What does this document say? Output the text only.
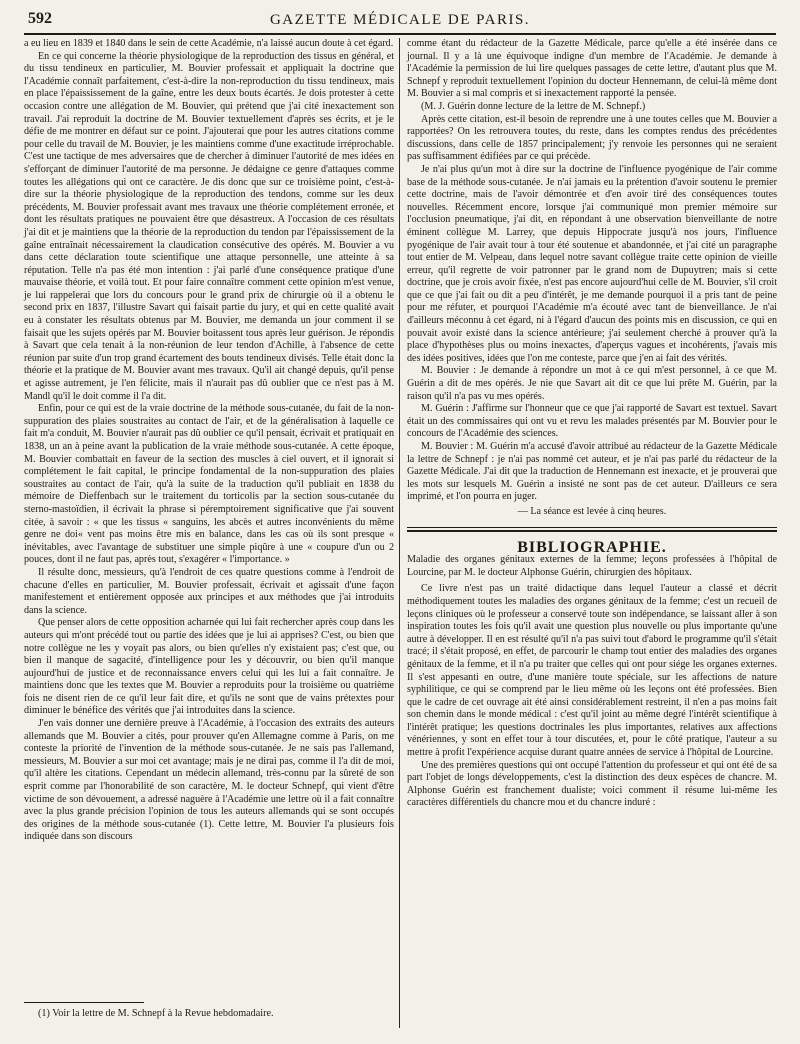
592	GAZETTE MÉDICALE DE PARIS.

a eu lieu en 1839 et 1840 dans le sein de cette Académie, n'a laissé aucun doute à cet égard.

En ce qui concerne la théorie physiologique de la reproduction des tissus en général, et du tissu tendineux en particulier, M. Bouvier professait et appliquait la doctrine que l'Académie connaît parfaitement, c'est-à-dire la non-reproduction du tissu tendineux, mais en place l'épaississement de la gaîne, entre les deux bouts écartés. Je dois protester à cette occasion contre une allégation de M. Bouvier, qui prétend que j'ai cité inexactement son travail. J'ai reproduit la doctrine de M. Bouvier textuellement d'après ses écrits, et je le défie de me montrer en défaut sur ce point. J'ajouterai que pour les autres citations comme pour celle du travail de M. Bouvier, je les maintiens comme d'une exactitude irréprochable. C'est une tactique de mes adversaires que de chercher à diminuer l'autorité de mes idées en s'efforçant de diminuer l'autorité de ma personne. Je dédaigne ce genre d'attaques comme toutes les allégations qui ont ce caractère. Je dis donc que sur ce troisième point, c'est-à-dire sur la théorie physiologique de la reproduction des tendons, comme sur les deux précédents, M. Bouvier professait avant mes travaux une théorie complétement erronée, et dont les résultats pratiques ne pouvaient être que désastreux. A l'occasion de ces résultats j'ai dit et je maintiens que la théorie de la reproduction du tendon par l'épaississement de la gaîne entraînait nécessairement la claudication consécutive des opérés. M. Bouvier a vu dans cette déclaration toute scientifique une attaque personnelle, une atteinte à sa réputation. Telle n'a pas été mon intention : j'ai parlé d'une conséquence pratique d'une mauvaise théorie, et voilà tout. Et pour faire connaître comment cette opinion m'est venue, je lui rappelerai que lors du concours pour le grand prix de chirurgie où il a obtenu le second prix en 1837, l'illustre Savart qui faisait partie du jury, et qui en cette qualité avait eu à constater les résultats obtenus par M. Bouvier, me demanda un jour comment il se faisait que les sujets opérés par M. Bouvier boitassent tous après leur guérison. Je répondis à Savart que cela tenait à la non-réunion de leur tendon d'Achille, à l'absence de cette réunion par suite d'un trop grand écartement des bouts tendineux divisés. Telle était donc la théorie et la pratique de M. Bouvier avant mes travaux. Qu'il ait changé depuis, qu'il pense et agisse autrement, je l'en félicite, mais il n'aurait pas dû oublier que ce n'est pas à M. Mandl qu'il le doit comme il l'a dit.

Enfin, pour ce qui est de la vraie doctrine de la méthode sous-cutanée, du fait de la non-suppuration des plaies soustraites au contact de l'air, et de la généralisation à laquelle ce fait m'a conduit, M. Bouvier n'aurait pas dû oublier ce qu'il pensait, écrivait et pratiquait en 1838, un an à peine avant la publication de la vraie méthode sous-cutanée. A cette époque, M. Bouvier combattait en faveur de la section des muscles à ciel ouvert, et il ignorait si complétement le fait capital, le principe fondamental de la non-suppuration des plaies soustraites au contact de l'air, qu'à la suite de la traduction qu'il publiait en 1838 du mémoire de Dieffenbach sur le traitement du torticolis par la section sous-cutanée du sterno-mastoïdien, il écrivait la phrase si péremptoirement significative que j'ai souvent citée, à savoir : « que les tissus « sanguins, les abcès et autres inconvénients du même genre ne doi« vent pas moins être mis en balance, dans les cas où ils sont presque « inévitables, avec l'avantage de substituer une simple piqûre à une « coupure d'un ou 2 pouces, dont il ne faut pas, après tout, s'exagérer « l'importance. »

Il résulte donc, messieurs, qu'à l'endroit de ces quatre questions comme à l'endroit de chacune d'elles en particulier, M. Bouvier professait, écrivait et agissait d'une façon manifestement et entièrement opposée aux principes et aux méthodes que j'ai introduits dans la science.

Que penser alors de cette opposition acharnée qui lui fait rechercher après coup dans les auteurs qui m'ont précédé tout ou partie des idées que je lui ai apprises? C'est, ou bien que notre collègue ne les y voyait pas alors, ou bien qu'elles n'y existaient pas; c'est que, ou bien il manque de sagacité, d'intelligence pour les y découvrir, ou bien qu'il manque aujourd'hui de justice et de reconnaissance envers celui qui les lui a fait connaître. Je maintiens donc que les textes que M. Bouvier a reproduits pour la troisième ou quatrième fois ne disent rien de ce qu'il leur fait dire, et qu'ils ne sont que de vains prétextes pour diminuer le bénéfice des vérités que j'ai introduites dans la science.

J'en vais donner une dernière preuve à l'Académie, à l'occasion des extraits des auteurs allemands que M. Bouvier a cités, pour prouver qu'en Allemagne comme à Paris, on me conteste la priorité de l'invention de la méthode sous-cutanée. Je ne sais pas l'allemand, messieurs, M. Bouvier a sur moi cet avantage; mais je ne dirai pas, comme il l'a dit de moi, qu'il altère les citations. Cependant un médecin allemand, très-connu par la sûreté de son esprit comme par l'honorabilité de son caractère, M. le docteur Schnepf, qui vient d'être victime de son dévouement, a adressé naguère à l'Académie une lettre où il a fait connaître avec la plus grande précision l'opinion de tous les auteurs allemands qui se sont occupés des origines de la méthode sous-cutanée (1). Cette lettre, M. Bouvier l'a plusieurs fois indiquée dans son discours

comme étant du rédacteur de la Gazette Médicale, parce qu'elle a été insérée dans ce journal. Il y a là une équivoque indigne d'un membre de l'Académie. Je demande à l'Académie la permission de lui lire quelques passages de cette lettre, d'autant plus que M. Schnepf y reproduit textuellement l'opinion du docteur Hennemann, de celui-là même dont M. Bouvier a si mal compris et si inexactement rapporté la pensée.

(M. J. Guérin donne lecture de la lettre de M. Schnepf.)

Après cette citation, est-il besoin de reprendre une à une toutes celles que M. Bouvier a rapportées? On les retrouvera toutes, du reste, dans les comptes rendus des précédentes discussions, dans celle de 1857 principalement; j'y renvoie les personnes qui ne seraient pas suffisamment édifiées par ce qui précède.

Je n'ai plus qu'un mot à dire sur la doctrine de l'influence pyogénique de l'air comme base de la méthode sous-cutanée. Je n'ai jamais eu la prétention d'avoir soutenu le premier cette doctrine, mais de l'avoir démontrée et d'en avoir tiré des conséquences toutes nouvelles. Récemment encore, lorsque j'ai communiqué mon premier mémoire sur l'occlusion pneumatique, j'ai dit, en répondant à une observation bienveillante de notre éminent collègue M. Larrey, que depuis Hippocrate jusqu'à nos jours, l'influence pyogénique de l'air avait tour à tour été soutenue et abandonnée, et j'ai cité un paragraphe tout entier de M. Velpeau, dans lequel notre savant collègue traite cette opinion de vieille erreur, qu'il regrette de voir patronner par le grand nom de Dupuytren; mais si cette doctrine, que je crois avoir fixée, n'est pas encore aujourd'hui celle de M. Bouvier, s'il croit que ce que j'ai fait ou dit a peu d'intérêt, je me demande pourquoi il a pris tant de peine pour me réfuter, et pourquoi l'Académie m'a écouté avec tant de bienveillance. Je n'ai d'ailleurs méconnu à cet égard, ni à l'égard d'aucun des points mis en discussion, ce qui en pouvait avoir existé dans la science antérieure; j'ai seulement cherché à prouver qu'à la place d'hypothèses plus ou moins inexactes, d'aperçus vagues et incohérents, j'avais mis des idées positives, idées que l'on me conteste, parce que j'en ai fait des vérités.

M. Bouvier : Je demande à répondre un mot à ce qui m'est personnel, à ce que M. Guérin a dit de mes opérés. Je nie que Savart ait dit ce que lui prête M. Guérin, par la raison qu'il n'a pas vu mes opérés.

M. Guérin : J'affirme sur l'honneur que ce que j'ai rapporté de Savart est textuel. Savart était un des commissaires qui ont vu et revu les malades présentés par M. Bouvier pour le concours de l'Académie des sciences.

M. Bouvier : M. Guérin m'a accusé d'avoir attribué au rédacteur de la Gazette Médicale la lettre de Schnepf : je n'ai pas nommé cet auteur, et je n'ai pas parlé du rédacteur de la Gazette Médicale. J'ai dit que la traduction de Hennemann est inexacte, et je prouverai que les mots sur lesquels M. Guérin a insisté ne sont pas de cet auteur. D'ailleurs ce sera imprimé, et l'on pourra en juger.

— La séance est levée à cinq heures.

BIBLIOGRAPHIE.

Maladie des organes génitaux externes de la femme; leçons professées à l'hôpital de Lourcine, par M. le docteur Alphonse Guérin, chirurgien des hôpitaux.

Ce livre n'est pas un traité didactique dans lequel l'auteur a classé et décrit méthodiquement toutes les maladies des organes génitaux de la femme; c'est un recueil de leçons cliniques où le professeur a conservé toute son indépendance, se laissant aller à son inspiration toutes les fois qu'il avait une question plus nouvelle ou plus importante qu'une autre à développer. Il en est résulté qu'il n'a pas suivi tout d'abord le programme qu'il s'était tracé; il s'était proposé, en effet, de parcourir le champ tout entier des maladies des organes génitaux de la femme, et il n'a pu traiter que celles qui ont pour siége les organes externes. Il s'est appesanti en outre, d'une manière toute spéciale, sur les affections de nature syphilitique, ce qui se comprend par le lieu même où les leçons ont été professées. Bien que le cadre de cet ouvrage ait été ainsi considérablement restreint, il n'en a pas moins fait son chemin dans le monde médical : c'est qu'il joint au même degré l'intérêt scientifique à l'intérêt pratique; les questions doctrinales les plus importantes, relatives aux affections vénériennes, y sont en effet tour à tour discutées, et, pour le côté pratique, l'auteur a su mettre à profit l'expérience acquise durant quatre années de service à l'hôpital de Lourcine.

Une des premières questions qui ont occupé l'attention du professeur et qui ont été de sa part l'objet de longs développements, c'est la distinction des deux espèces de chancre. M. Alphonse Guérin est franchement dualiste; voici comment il résume lui-même les caractères différentiels du chancre mou et du chancre induré :

(1) Voir la lettre de M. Schnepf à la Revue hebdomadaire.
